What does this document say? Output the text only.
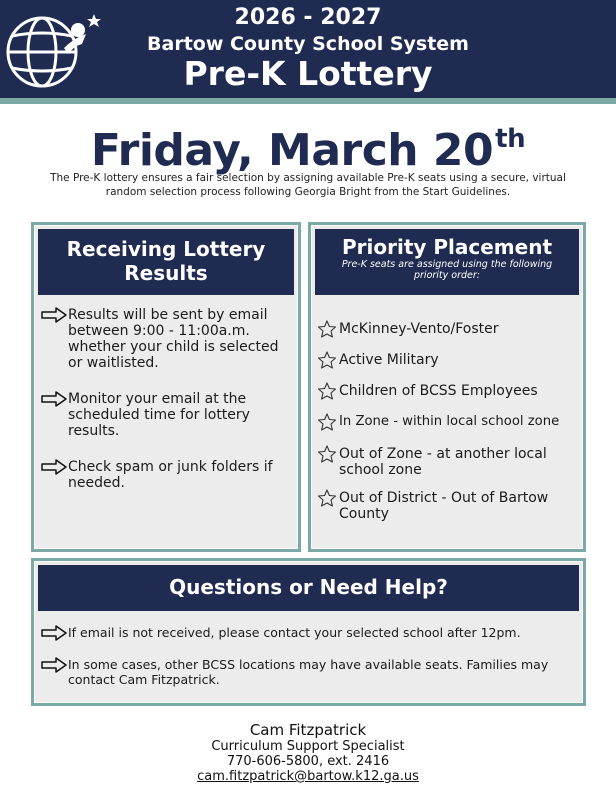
2026 - 2027
Bartow County School System
Pre-K Lottery
Friday, March 20th
The Pre-K lottery ensures a fair selection by assigning available Pre-K seats using a secure, virtual random selection process following Georgia Bright from the Start Guidelines.
Receiving Lottery
Results
Results will be sent by email between 9:00 - 11:00a.m. whether your child is selected or waitlisted.
Monitor your email at the scheduled time for lottery results.
Check spam or junk folders if needed.
Priority Placement
Pre-K seats are assigned using the following priority order:
McKinney-Vento/Foster
Active Military
Children of BCSS Employees
In Zone - within local school zone
Out of Zone - at another local school zone
Out of District - Out of Bartow County
Questions or Need Help?
If email is not received, please contact your selected school after 12pm.
In some cases, other BCSS locations may have available seats. Families may contact Cam Fitzpatrick.
Cam Fitzpatrick
Curriculum Support Specialist
770-606-5800, ext. 2416
cam.fitzpatrick@bartow.k12.ga.us
